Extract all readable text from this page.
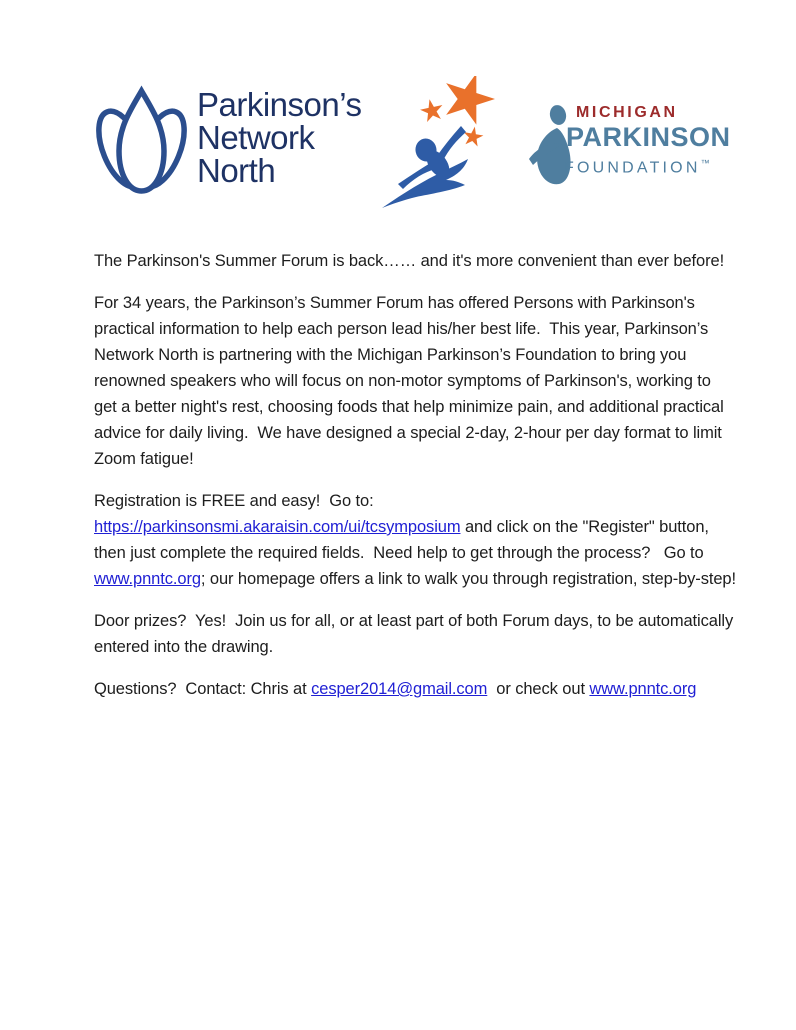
Parkinson’s
Network
North
MICHIGAN
PARKINSON
FOUNDATION™

The Parkinson's Summer Forum is back…… and it's more convenient than ever before!

For 34 years, the Parkinson’s Summer Forum has offered Persons with Parkinson's practical information to help each person lead his/her best life.  This year, Parkinson’s Network North is partnering with the Michigan Parkinson’s Foundation to bring you renowned speakers who will focus on non-motor symptoms of Parkinson's, working to get a better night's rest, choosing foods that help minimize pain, and additional practical advice for daily living.  We have designed a special 2-day, 2-hour per day format to limit Zoom fatigue!

Registration is FREE and easy!  Go to: https://parkinsonsmi.akaraisin.com/ui/tcsymposium and click on the "Register" button, then just complete the required fields.  Need help to get through the process?   Go to www.pnntc.org; our homepage offers a link to walk you through registration, step-by-step!

Door prizes?  Yes!  Join us for all, or at least part of both Forum days, to be automatically entered into the drawing.

Questions?  Contact: Chris at cesper2014@gmail.com  or check out www.pnntc.org
